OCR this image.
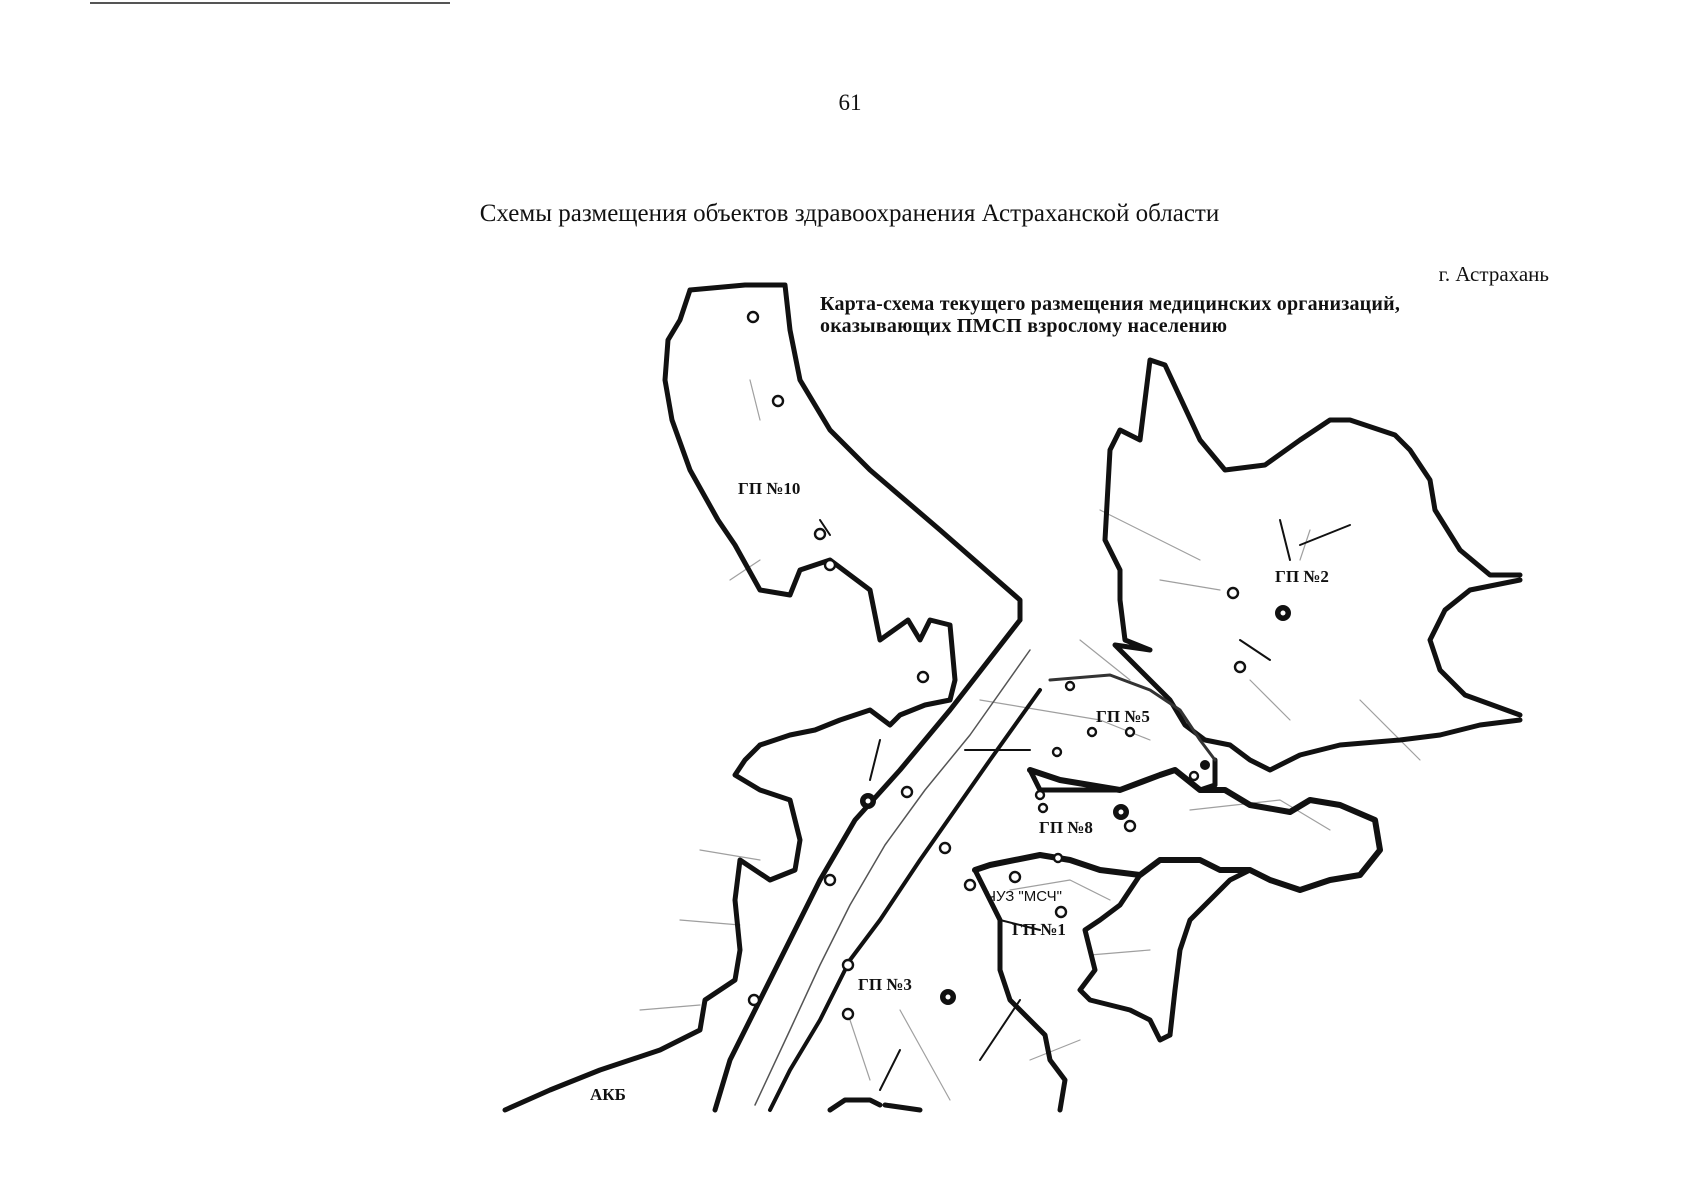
61
Схемы размещения объектов здравоохранения Астраханской области
г. Астрахань
Карта-схема текущего размещения медицинских организаций,
оказывающих ПМСП взрослому населению
ГП №10
ГП №2
ГП №5
ГП №8
ЧУЗ "МСЧ"
ГП №1
ГП №3
АКБ
